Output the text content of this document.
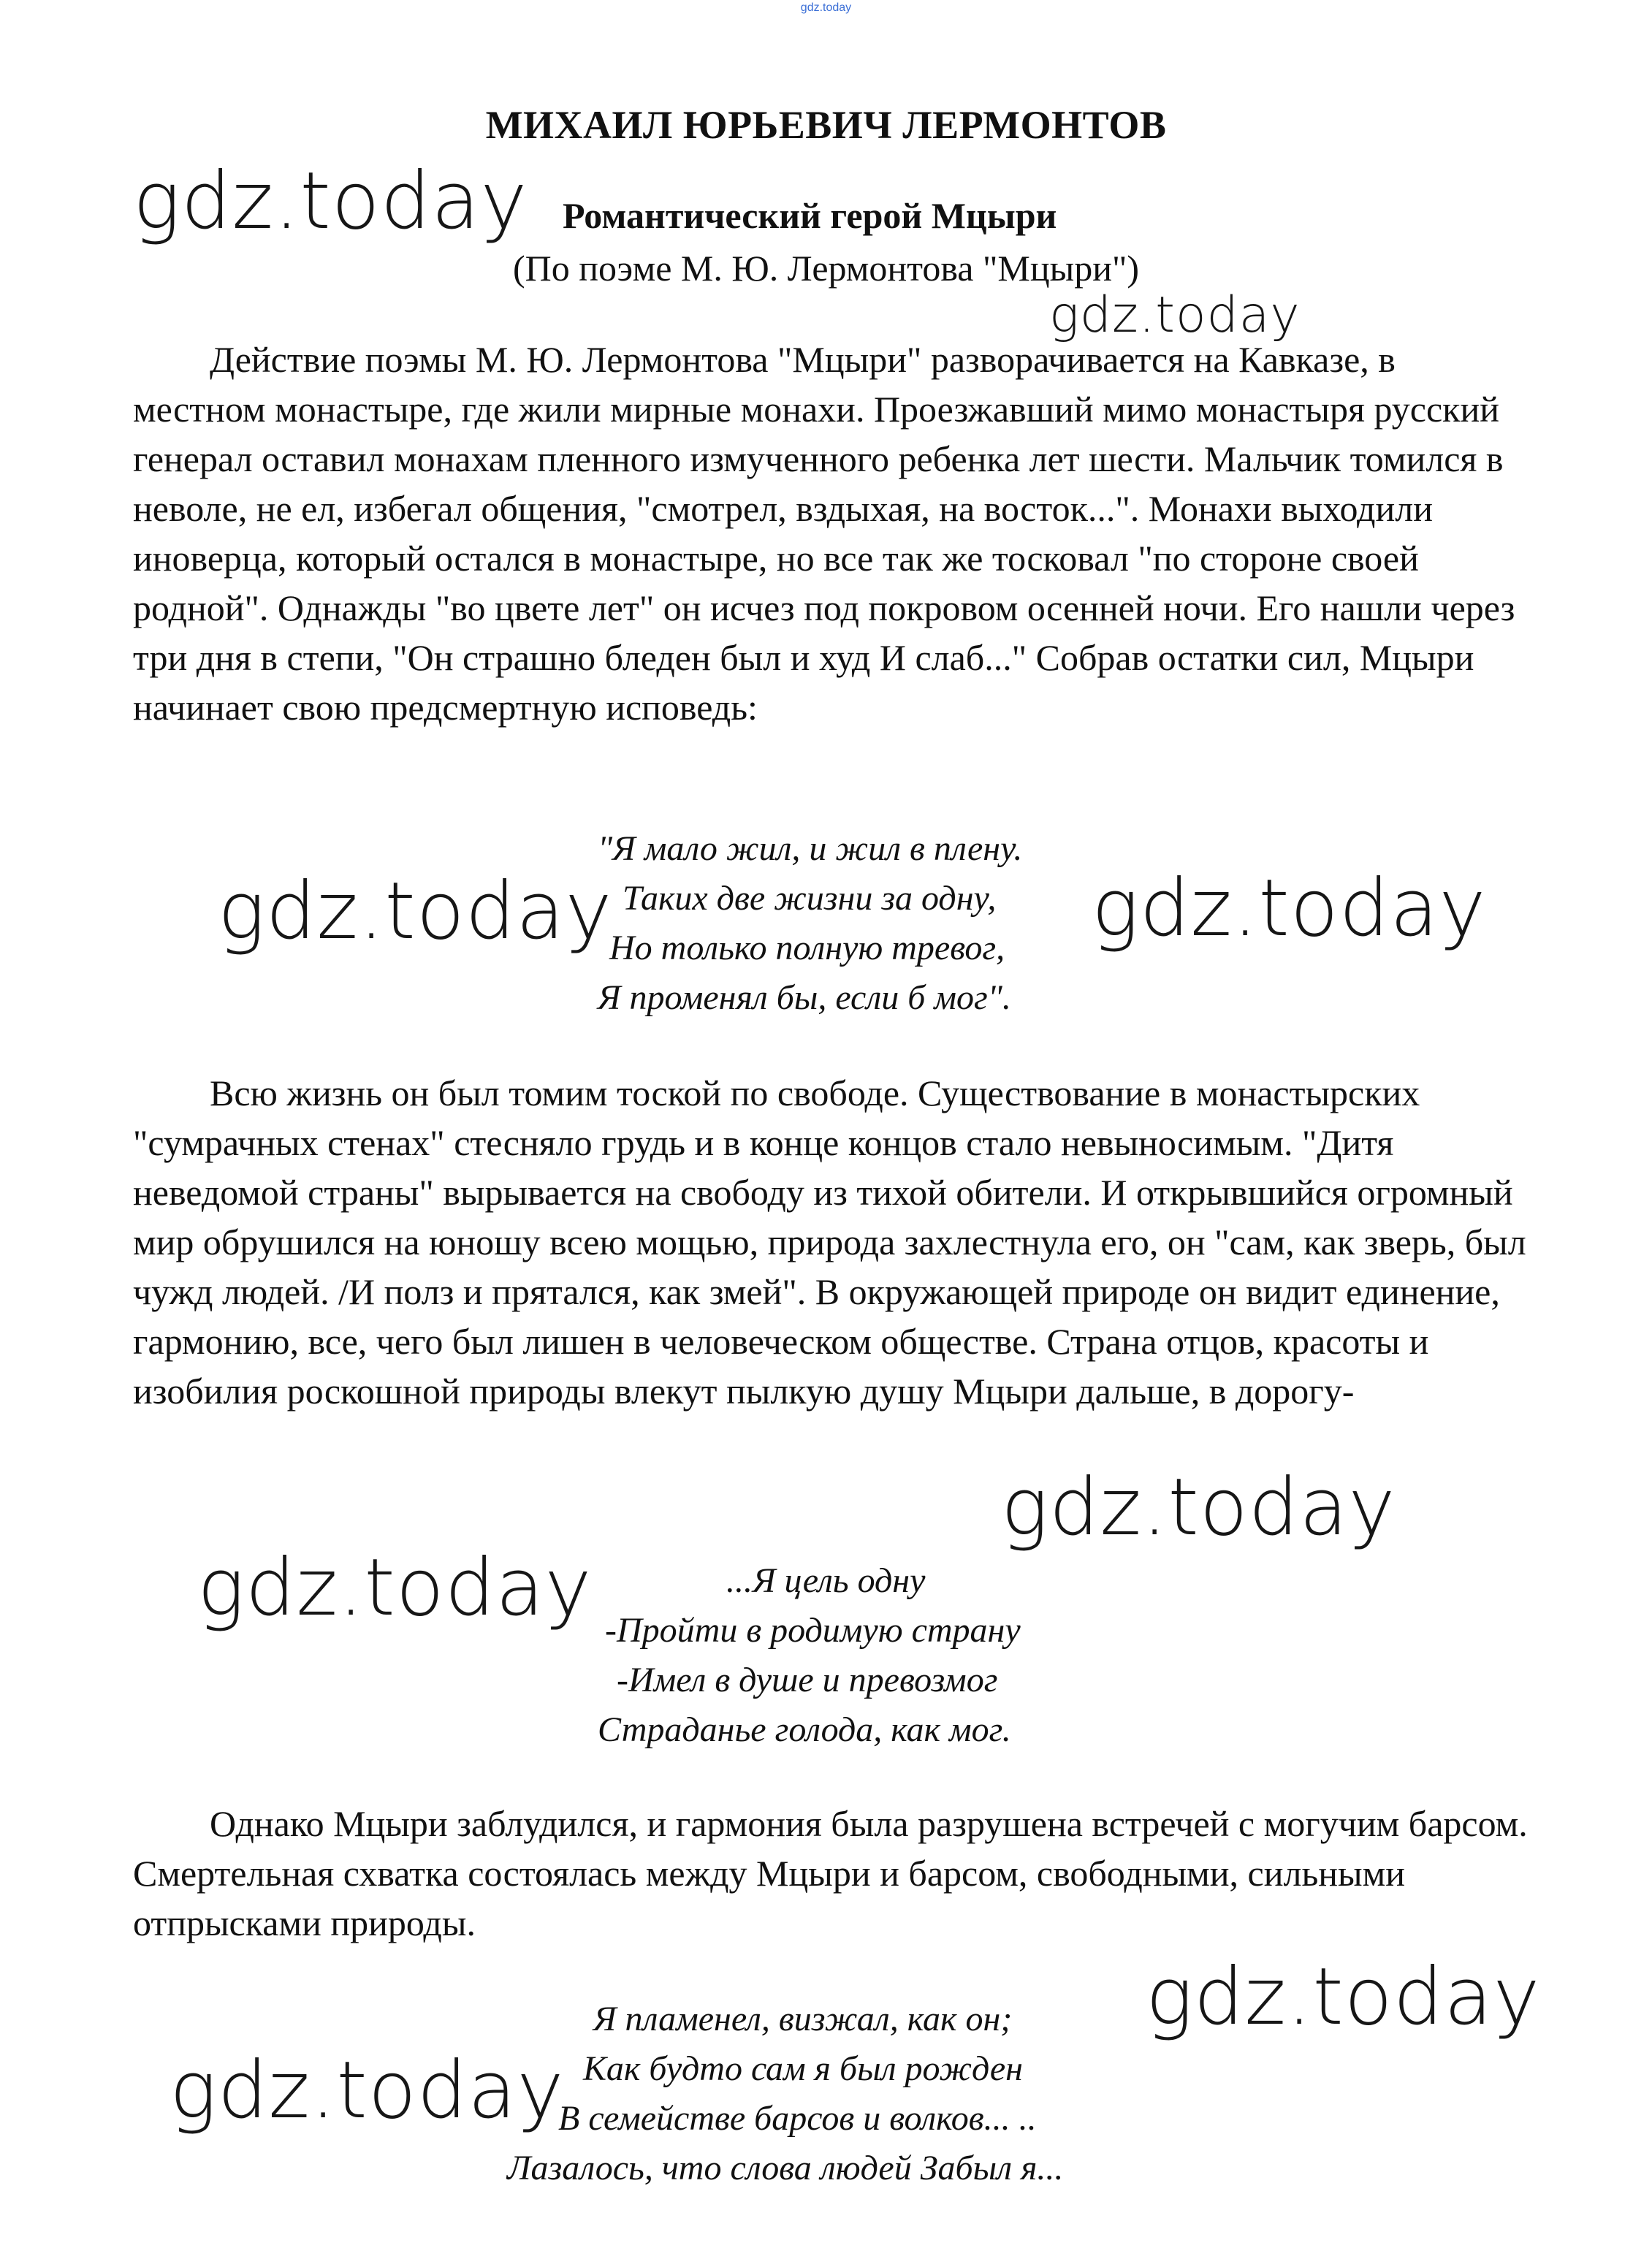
gdz.today
МИХАИЛ ЮРЬЕВИЧ ЛЕРМОНТОВ
Романтический герой Мцыри
(По поэме М. Ю. Лермонтова "Мцыри")

Действие поэмы М. Ю. Лермонтова "Мцыри" разворачивается на Кавказе, в местном монастыре, где жили мирные монахи. Проезжавший мимо монастыря русский генерал оставил монахам пленного измученного ребенка лет шести. Мальчик томился в неволе, не ел, избегал общения, "смотрел, вздыхая, на восток...". Монахи выходили иноверца, который остался в монастыре, но все так же тосковал "по стороне своей родной". Однажды "во цвете лет" он исчез под покровом осенней ночи. Его нашли через три дня в степи, "Он страшно бледен был и худ И слаб..." Собрав остатки сил, Мцыри начинает свою предсмертную исповедь:

"Я мало жил, и жил в плену.
Таких две жизни за одну,
Но только полную тревог,
Я променял бы, если б мог".

Всю жизнь он был томим тоской по свободе. Существование в монастырских "сумрачных стенах" стесняло грудь и в конце концов стало невыносимым. "Дитя неведомой страны" вырывается на свободу из тихой обители. И открывшийся огромный мир обрушился на юношу всею мощью, природа захлестнула его, он "сам, как зверь, был чужд людей. /И полз и прятался, как змей". В окружающей природе он видит единение, гармонию, все, чего был лишен в человеческом обществе. Страна отцов, красоты и изобилия роскошной природы влекут пылкую душу Мцыри дальше, в дорогу-

...Я цель одну
-Пройти в родимую страну
-Имел в душе и превозмог
Страданье голода, как мог.

Однако Мцыри заблудился, и гармония была разрушена встречей с могучим барсом. Смертельная схватка состоялась между Мцыри и барсом, свободными, сильными отпрысками природы.

Я пламенел, визжал, как он;
Как будто сам я был рожден
В семействе барсов и волков... ..
Лазалось, что слова людей Забыл я...
gdz.today
gdz.today
gdz.today	gdz.today
gdz.today
gdz.today
gdz.today
gdz.today
